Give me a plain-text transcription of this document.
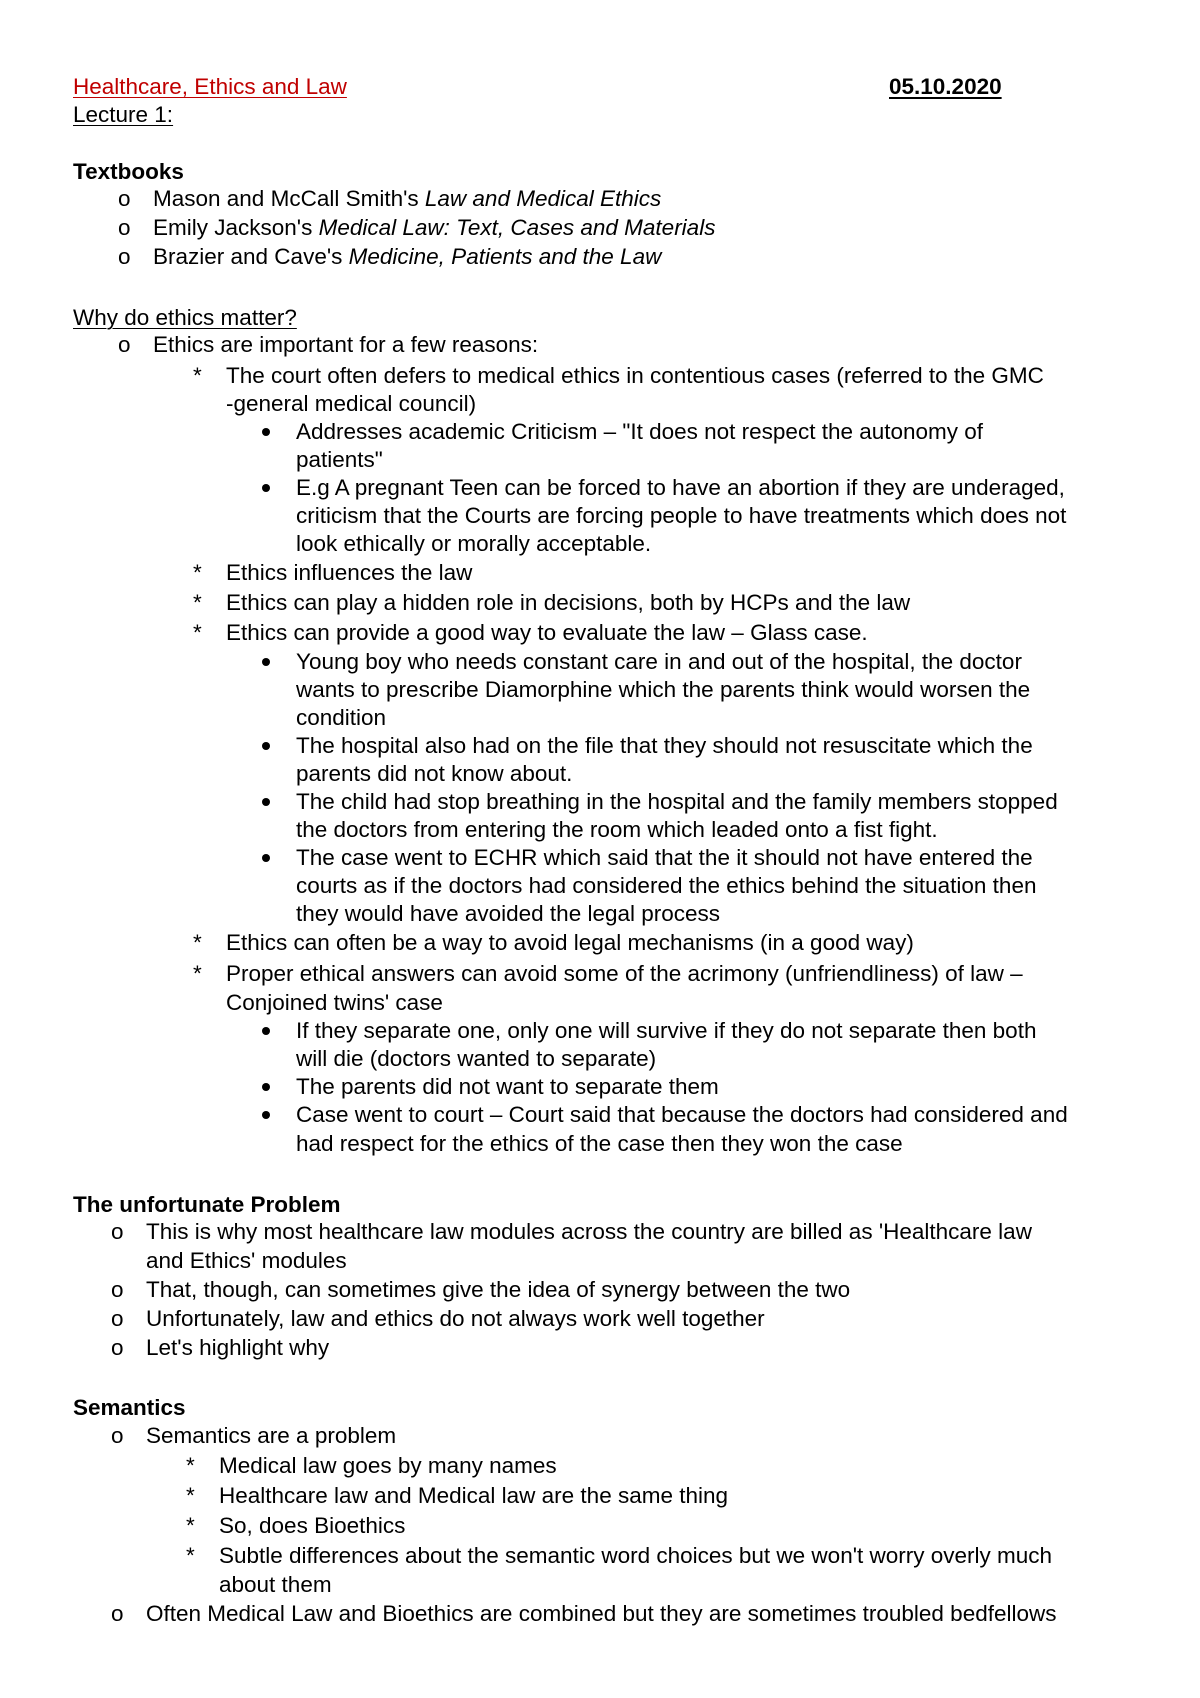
Healthcare, Ethics and Law	05.10.2020
Lecture 1:
Textbooks
o Mason and McCall Smith's Law and Medical Ethics
o Emily Jackson's Medical Law: Text, Cases and Materials
o Brazier and Cave's Medicine, Patients and the Law
Why do ethics matter?
o Ethics are important for a few reasons:
* The court often defers to medical ethics in contentious cases (referred to the GMC
-general medical council)
Addresses academic Criticism – "It does not respect the autonomy of
patients"
E.g A pregnant Teen can be forced to have an abortion if they are underaged,
criticism that the Courts are forcing people to have treatments which does not
look ethically or morally acceptable.
* Ethics influences the law
* Ethics can play a hidden role in decisions, both by HCPs and the law
* Ethics can provide a good way to evaluate the law – Glass case.
Young boy who needs constant care in and out of the hospital, the doctor
wants to prescribe Diamorphine which the parents think would worsen the
condition
The hospital also had on the file that they should not resuscitate which the
parents did not know about.
The child had stop breathing in the hospital and the family members stopped
the doctors from entering the room which leaded onto a fist fight.
The case went to ECHR which said that the it should not have entered the
courts as if the doctors had considered the ethics behind the situation then
they would have avoided the legal process
* Ethics can often be a way to avoid legal mechanisms (in a good way)
* Proper ethical answers can avoid some of the acrimony (unfriendliness) of law –
Conjoined twins' case
If they separate one, only one will survive if they do not separate then both
will die (doctors wanted to separate)
The parents did not want to separate them
Case went to court – Court said that because the doctors had considered and
had respect for the ethics of the case then they won the case
The unfortunate Problem
o This is why most healthcare law modules across the country are billed as 'Healthcare law
and Ethics' modules
o That, though, can sometimes give the idea of synergy between the two
o Unfortunately, law and ethics do not always work well together
o Let's highlight why
Semantics
o Semantics are a problem
* Medical law goes by many names
* Healthcare law and Medical law are the same thing
* So, does Bioethics
* Subtle differences about the semantic word choices but we won't worry overly much
about them
o Often Medical Law and Bioethics are combined but they are sometimes troubled bedfellows
